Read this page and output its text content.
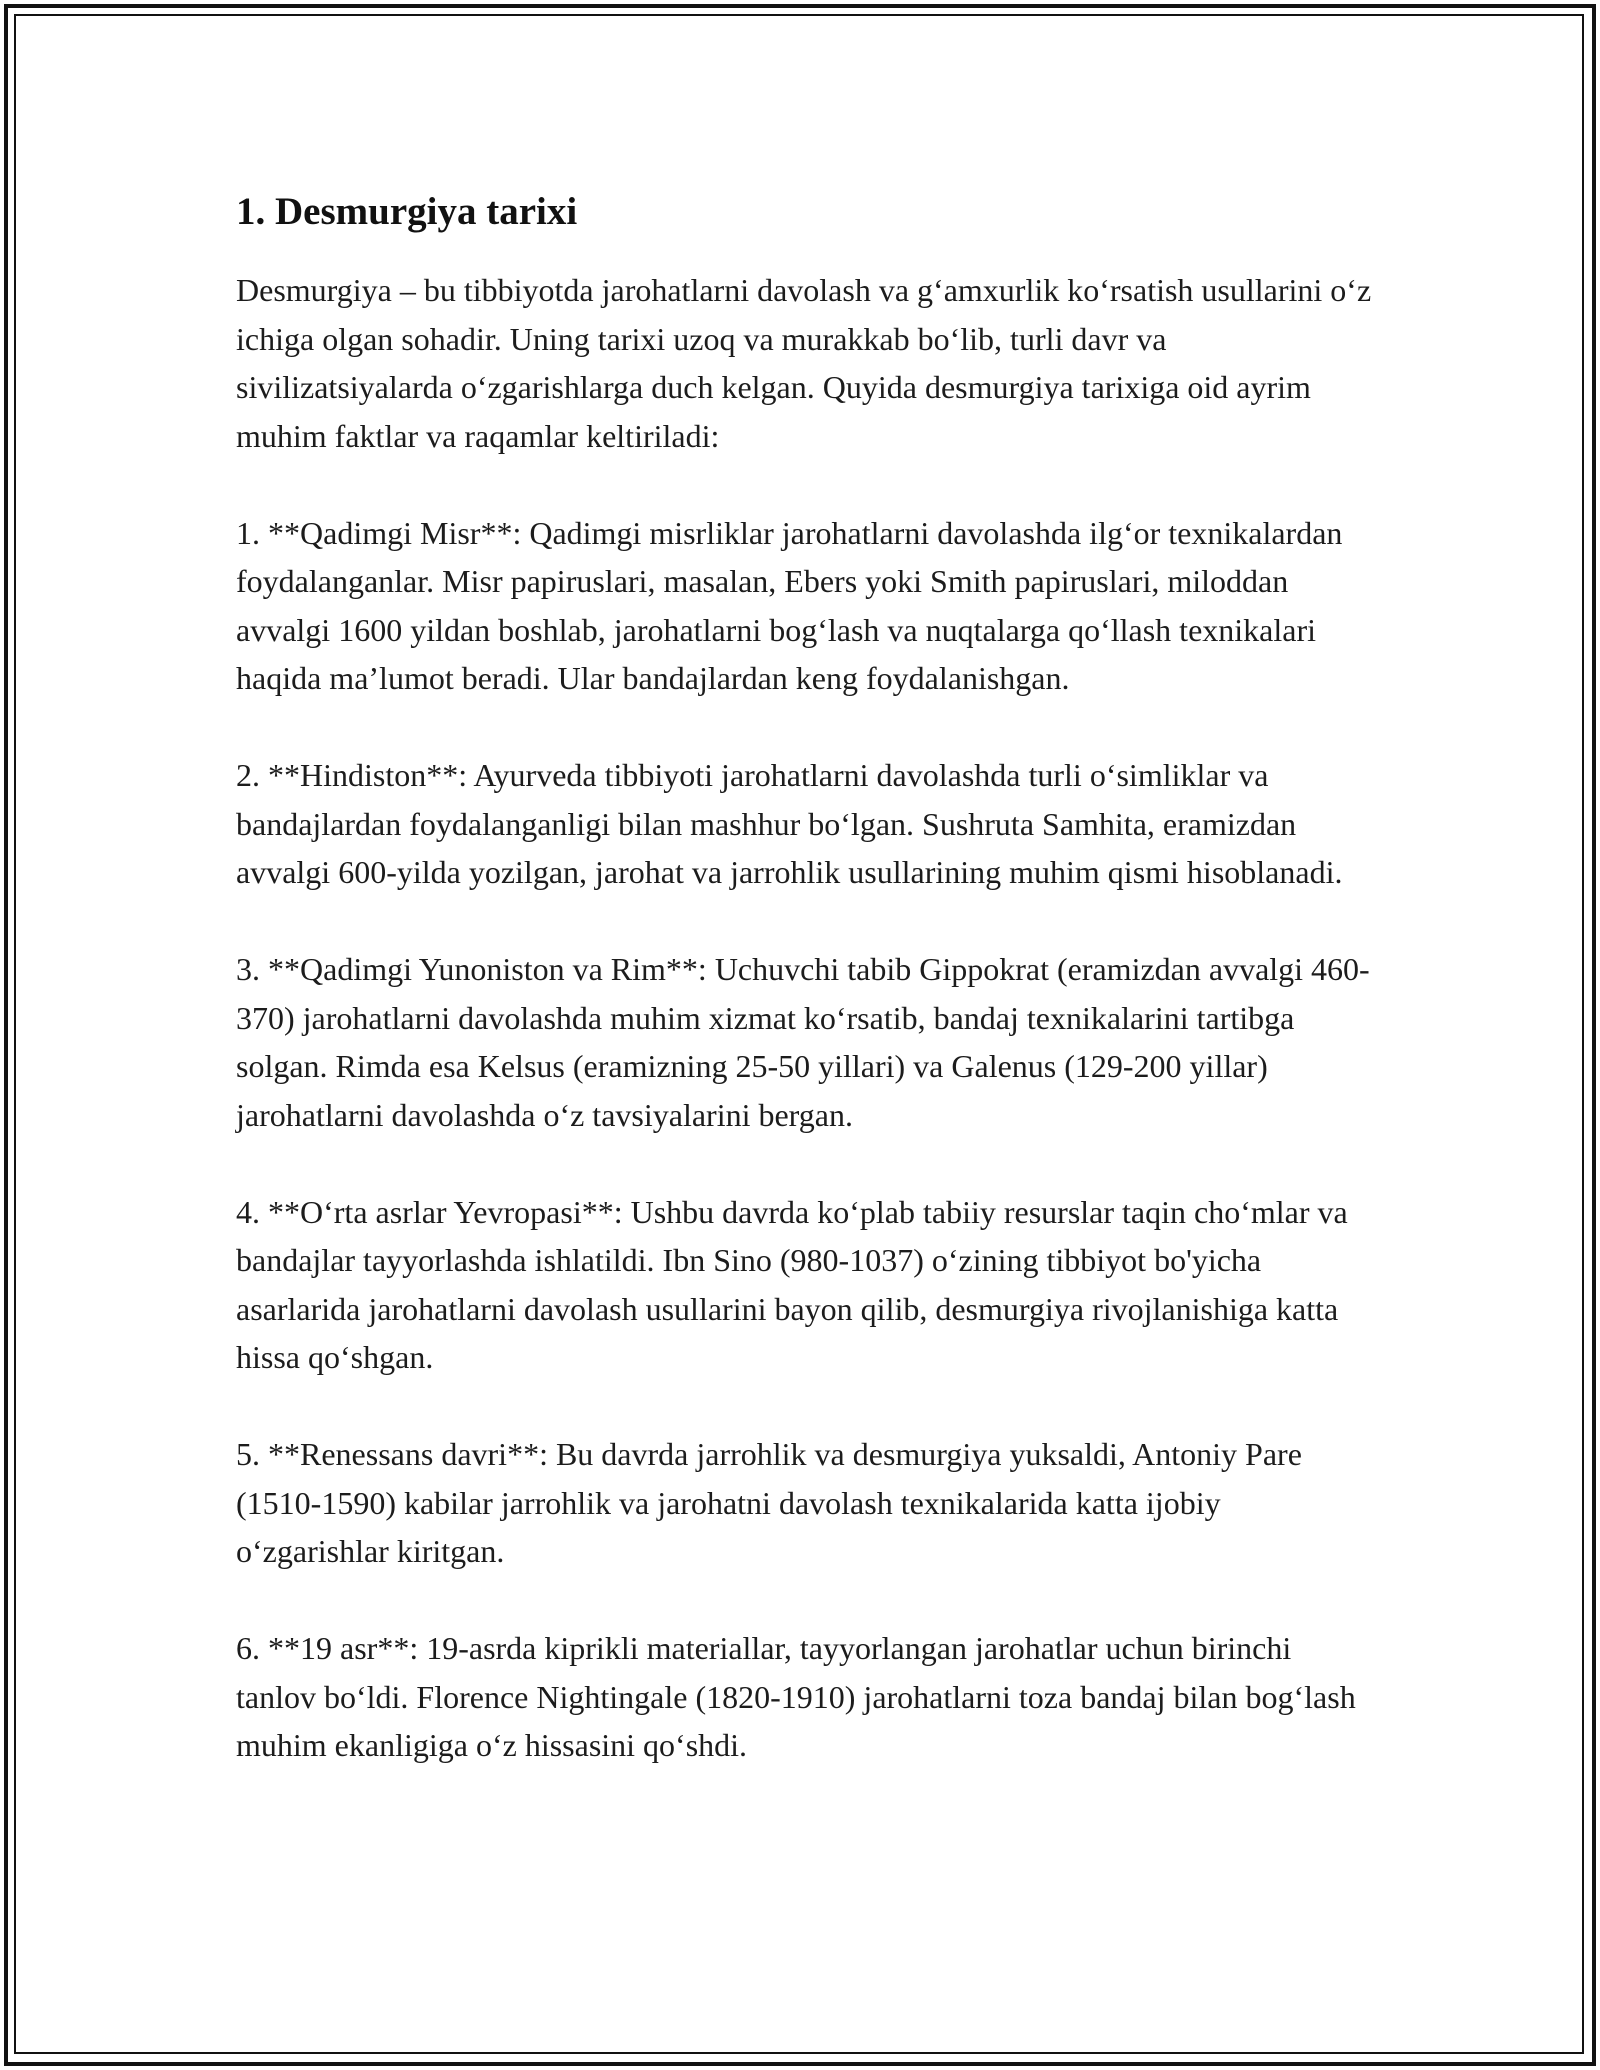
1. Desmurgiya tarixi

Desmurgiya – bu tibbiyotda jarohatlarni davolash va g‘amxurlik ko‘rsatish usullarini o‘z ichiga olgan sohadir. Uning tarixi uzoq va murakkab bo‘lib, turli davr va sivilizatsiyalarda o‘zgarishlarga duch kelgan. Quyida desmurgiya tarixiga oid ayrim muhim faktlar va raqamlar keltiriladi:

1. **Qadimgi Misr**: Qadimgi misrliklar jarohatlarni davolashda ilg‘or texnikalardan foydalanganlar. Misr papiruslari, masalan, Ebers yoki Smith papiruslari, miloddan avvalgi 1600 yildan boshlab, jarohatlarni bog‘lash va nuqtalarga qo‘llash texnikalari haqida ma’lumot beradi. Ular bandajlardan keng foydalanishgan.

2. **Hindiston**: Ayurveda tibbiyoti jarohatlarni davolashda turli o‘simliklar va bandajlardan foydalanganligi bilan mashhur bo‘lgan. Sushruta Samhita, eramizdan avvalgi 600-yilda yozilgan, jarohat va jarrohlik usullarining muhim qismi hisoblanadi.

3. **Qadimgi Yunoniston va Rim**: Uchuvchi tabib Gippokrat (eramizdan avvalgi 460-370) jarohatlarni davolashda muhim xizmat ko‘rsatib, bandaj texnikalarini tartibga solgan. Rimda esa Kelsus (eramizning 25-50 yillari) va Galenus (129-200 yillar) jarohatlarni davolashda o‘z tavsiyalarini bergan.

4. **O‘rta asrlar Yevropasi**: Ushbu davrda ko‘plab tabiiy resurslar taqin cho‘mlar va bandajlar tayyorlashda ishlatildi. Ibn Sino (980-1037) o‘zining tibbiyot bo'yicha asarlarida jarohatlarni davolash usullarini bayon qilib, desmurgiya rivojlanishiga katta hissa qo‘shgan.

5. **Renessans davri**: Bu davrda jarrohlik va desmurgiya yuksaldi, Antoniy Pare (1510-1590) kabilar jarrohlik va jarohatni davolash texnikalarida katta ijobiy o‘zgarishlar kiritgan.

6. **19 asr**: 19-asrda kiprikli materiallar, tayyorlangan jarohatlar uchun birinchi tanlov bo‘ldi. Florence Nightingale (1820-1910) jarohatlarni toza bandaj bilan bog‘lash muhim ekanligiga o‘z hissasini qo‘shdi.
